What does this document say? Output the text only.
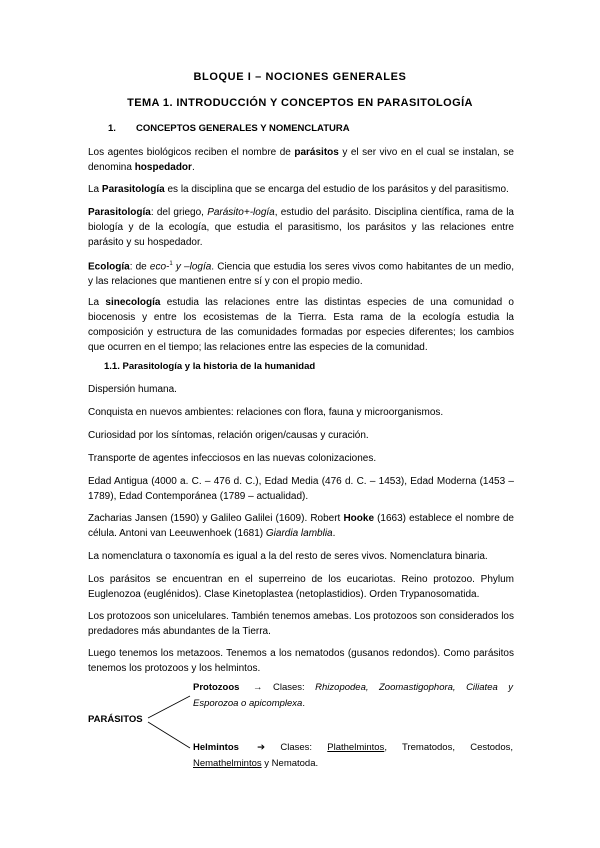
BLOQUE I – NOCIONES GENERALES
TEMA 1. INTRODUCCIÓN Y CONCEPTOS EN PARASITOLOGÍA

1. CONCEPTOS GENERALES Y NOMENCLATURA

Los agentes biológicos reciben el nombre de parásitos y el ser vivo en el cual se instalan, se denomina hospedador.

La Parasitología es la disciplina que se encarga del estudio de los parásitos y del parasitismo.

Parasitología: del griego, Parásito+-logía, estudio del parásito. Disciplina científica, rama de la biología y de la ecología, que estudia el parasitismo, los parásitos y las relaciones entre parásito y su hospedador.

Ecología: de eco-$^1$ y –logía. Ciencia que estudia los seres vivos como habitantes de un medio, y las relaciones que mantienen entre sí y con el propio medio.

La sinecología estudia las relaciones entre las distintas especies de una comunidad o biocenosis y entre los ecosistemas de la Tierra. Esta rama de la ecología estudia la composición y estructura de las comunidades formadas por especies diferentes; los cambios que ocurren en el tiempo; las relaciones entre las especies de la comunidad.

1.1. Parasitología y la historia de la humanidad

Dispersión humana.

Conquista en nuevos ambientes: relaciones con flora, fauna y microorganismos.

Curiosidad por los síntomas, relación origen/causas y curación.

Transporte de agentes infecciosos en las nuevas colonizaciones.

Edad Antigua (4000 a. C. – 476 d. C.), Edad Media (476 d. C. – 1453), Edad Moderna (1453 – 1789), Edad Contemporánea (1789 – actualidad).

Zacharias Jansen (1590) y Galileo Galilei (1609). Robert Hooke (1663) establece el nombre de célula. Antoni van Leeuwenhoek (1681) Giardia lamblia.

La nomenclatura o taxonomía es igual a la del resto de seres vivos. Nomenclatura binaria.

Los parásitos se encuentran en el superreino de los eucariotas. Reino protozoo. Phylum Euglenozoa (euglénidos). Clase Kinetoplastea (netoplastidios). Orden Trypanosomatida.

Los protozoos son unicelulares. También tenemos amebas. Los protozoos son considerados los predadores más abundantes de la Tierra.

Luego tenemos los metazoos. Tenemos a los nematodos (gusanos redondos). Como parásitos tenemos los protozoos y los helmintos.

PARÁSITOS

Protozoos → Clases: Rhizopodea, Zoomastigophora, Ciliatea y Esporozoa o apicomplexa.

Helmintos ➔ Clases: Plathelmintos, Trematodos, Cestodos, Nemathelmintos y Nematoda.
